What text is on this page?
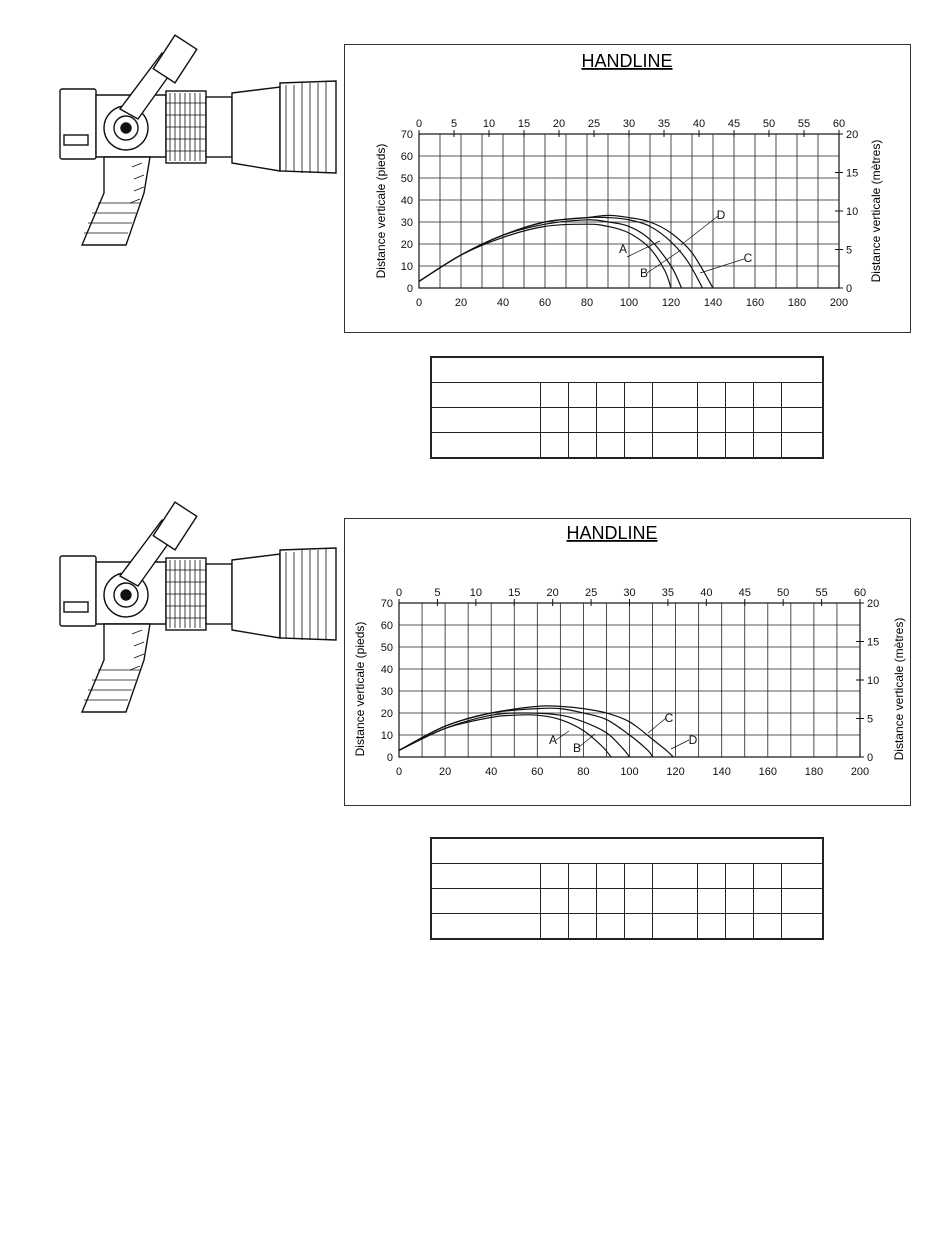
HANDLINE
Distance verticale (pieds)	Distance verticale (mètres)
0	20	40	60	80 100 120 140 160 180 200
0
10
20
30
40
50
60
70
0	5 10 15 20 25 30 35 40 45 50 55 60
0
5
10
15
20
A
B
C
D

HANDLINE
Distance verticale (pieds)	Distance verticale (mètres)
0	20	40	60	80	100	120	140	160	180	200
0
10
20
30
40
50
60
70
0	5	10 15 20 25 30 35 40 45 50 55 60
0
5
10
15
20
A
B
C
D
